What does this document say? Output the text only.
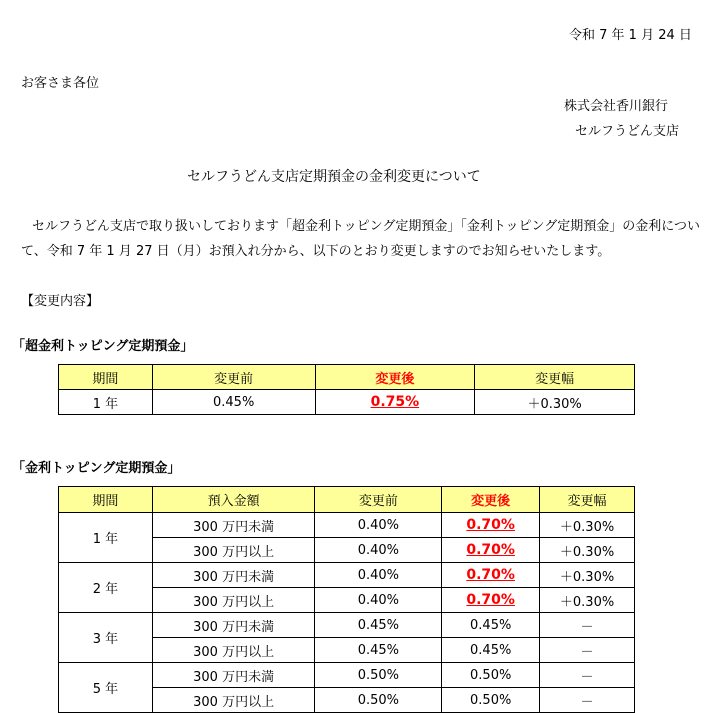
令和 7 年 1 月 24 日
お客さま各位
株式会社香川銀行
セルフうどん支店
セルフうどん支店定期預金の金利変更について
セルフうどん支店で取り扱いしております「超金利トッピング定期預金」「金利トッピング定期預金」の金利につい
て、令和 7 年 1 月 27 日（月）お預入れ分から、以下のとおり変更しますのでお知らせいたします。
【変更内容】
「超金利トッピング定期預金」
期間	変更前	変更後	変更幅
1 年	0.45%	0.75%	＋0.30%
「金利トッピング定期預金」
期間	預入金額	変更前	変更後	変更幅
1 年	300 万円未満	0.40%	0.70%	＋0.30%
	300 万円以上	0.40%	0.70%	＋0.30%
2 年	300 万円未満	0.40%	0.70%	＋0.30%
	300 万円以上	0.40%	0.70%	＋0.30%
3 年	300 万円未満	0.45%	0.45%	－
	300 万円以上	0.45%	0.45%	－
5 年	300 万円未満	0.50%	0.50%	－
	300 万円以上	0.50%	0.50%	－
